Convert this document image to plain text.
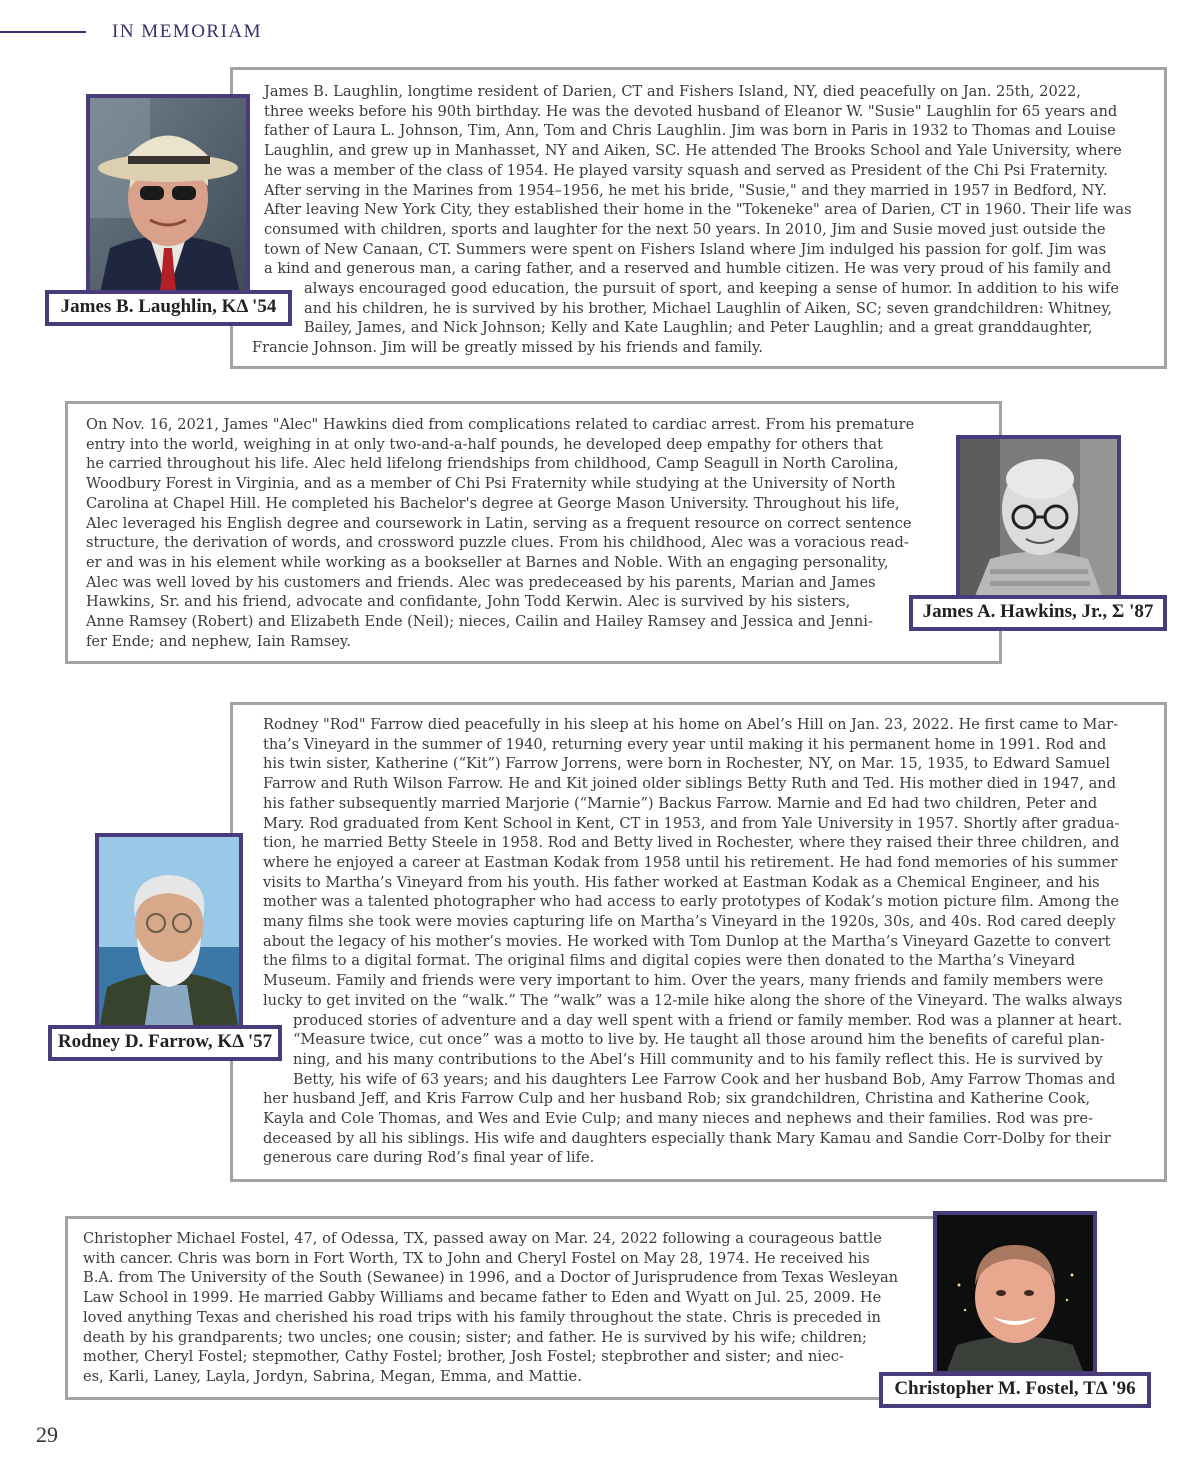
IN MEMORIAM

James B. Laughlin, longtime resident of Darien, CT and Fishers Island, NY, died peacefully on Jan. 25th, 2022,
three weeks before his 90th birthday. He was the devoted husband of Eleanor W. "Susie" Laughlin for 65 years and
father of Laura L. Johnson, Tim, Ann, Tom and Chris Laughlin. Jim was born in Paris in 1932 to Thomas and Louise
Laughlin, and grew up in Manhasset, NY and Aiken, SC. He attended The Brooks School and Yale University, where
he was a member of the class of 1954. He played varsity squash and served as President of the Chi Psi Fraternity.
After serving in the Marines from 1954–1956, he met his bride, "Susie," and they married in 1957 in Bedford, NY.
After leaving New York City, they established their home in the "Tokeneke" area of Darien, CT in 1960. Their life was
consumed with children, sports and laughter for the next 50 years. In 2010, Jim and Susie moved just outside the
town of New Canaan, CT. Summers were spent on Fishers Island where Jim indulged his passion for golf. Jim was
a kind and generous man, a caring father, and a reserved and humble citizen. He was very proud of his family and
always encouraged good education, the pursuit of sport, and keeping a sense of humor. In addition to his wife
and his children, he is survived by his brother, Michael Laughlin of Aiken, SC; seven grandchildren: Whitney,
Bailey, James, and Nick Johnson; Kelly and Kate Laughlin; and Peter Laughlin; and a great granddaughter,
Francie Johnson. Jim will be greatly missed by his friends and family.

James B. Laughlin, KΔ '54

On Nov. 16, 2021, James "Alec" Hawkins died from complications related to cardiac arrest. From his premature
entry into the world, weighing in at only two-and-a-half pounds, he developed deep empathy for others that
he carried throughout his life. Alec held lifelong friendships from childhood, Camp Seagull in North Carolina,
Woodbury Forest in Virginia, and as a member of Chi Psi Fraternity while studying at the University of North
Carolina at Chapel Hill. He completed his Bachelor's degree at George Mason University. Throughout his life,
Alec leveraged his English degree and coursework in Latin, serving as a frequent resource on correct sentence
structure, the derivation of words, and crossword puzzle clues. From his childhood, Alec was a voracious read-
er and was in his element while working as a bookseller at Barnes and Noble. With an engaging personality,
Alec was well loved by his customers and friends. Alec was predeceased by his parents, Marian and James
Hawkins, Sr. and his friend, advocate and confidante, John Todd Kerwin. Alec is survived by his sisters,
Anne Ramsey (Robert) and Elizabeth Ende (Neil); nieces, Cailin and Hailey Ramsey and Jessica and Jenni-
fer Ende; and nephew, Iain Ramsey.

James A. Hawkins, Jr., Σ '87

Rodney "Rod" Farrow died peacefully in his sleep at his home on Abel’s Hill on Jan. 23, 2022. He first came to Mar-
tha’s Vineyard in the summer of 1940, returning every year until making it his permanent home in 1991. Rod and
his twin sister, Katherine (“Kit”) Farrow Jorrens, were born in Rochester, NY, on Mar. 15, 1935, to Edward Samuel
Farrow and Ruth Wilson Farrow. He and Kit joined older siblings Betty Ruth and Ted. His mother died in 1947, and
his father subsequently married Marjorie (“Marnie”) Backus Farrow. Marnie and Ed had two children, Peter and
Mary. Rod graduated from Kent School in Kent, CT in 1953, and from Yale University in 1957. Shortly after gradua-
tion, he married Betty Steele in 1958. Rod and Betty lived in Rochester, where they raised their three children, and
where he enjoyed a career at Eastman Kodak from 1958 until his retirement. He had fond memories of his summer
visits to Martha’s Vineyard from his youth. His father worked at Eastman Kodak as a Chemical Engineer, and his
mother was a talented photographer who had access to early prototypes of Kodak’s motion picture film. Among the
many films she took were movies capturing life on Martha’s Vineyard in the 1920s, 30s, and 40s. Rod cared deeply
about the legacy of his mother’s movies. He worked with Tom Dunlop at the Martha’s Vineyard Gazette to convert
the films to a digital format. The original films and digital copies were then donated to the Martha’s Vineyard
Museum. Family and friends were very important to him. Over the years, many friends and family members were
lucky to get invited on the “walk.” The “walk” was a 12-mile hike along the shore of the Vineyard. The walks always
produced stories of adventure and a day well spent with a friend or family member. Rod was a planner at heart.
“Measure twice, cut once” was a motto to live by. He taught all those around him the benefits of careful plan-
ning, and his many contributions to the Abel’s Hill community and to his family reflect this. He is survived by
Betty, his wife of 63 years; and his daughters Lee Farrow Cook and her husband Bob, Amy Farrow Thomas and
her husband Jeff, and Kris Farrow Culp and her husband Rob; six grandchildren, Christina and Katherine Cook,
Kayla and Cole Thomas, and Wes and Evie Culp; and many nieces and nephews and their families. Rod was pre-
deceased by all his siblings. His wife and daughters especially thank Mary Kamau and Sandie Corr-Dolby for their
generous care during Rod’s final year of life.

Rodney D. Farrow, KΔ '57

Christopher Michael Fostel, 47, of Odessa, TX, passed away on Mar. 24, 2022 following a courageous battle
with cancer. Chris was born in Fort Worth, TX to John and Cheryl Fostel on May 28, 1974. He received his
B.A. from The University of the South (Sewanee) in 1996, and a Doctor of Jurisprudence from Texas Wesleyan
Law School in 1999. He married Gabby Williams and became father to Eden and Wyatt on Jul. 25, 2009. He
loved anything Texas and cherished his road trips with his family throughout the state. Chris is preceded in
death by his grandparents; two uncles; one cousin; sister; and father. He is survived by his wife; children;
mother, Cheryl Fostel; stepmother, Cathy Fostel; brother, Josh Fostel; stepbrother and sister; and niec-
es, Karli, Laney, Layla, Jordyn, Sabrina, Megan, Emma, and Mattie.

Christopher M. Fostel, TΔ '96
29
